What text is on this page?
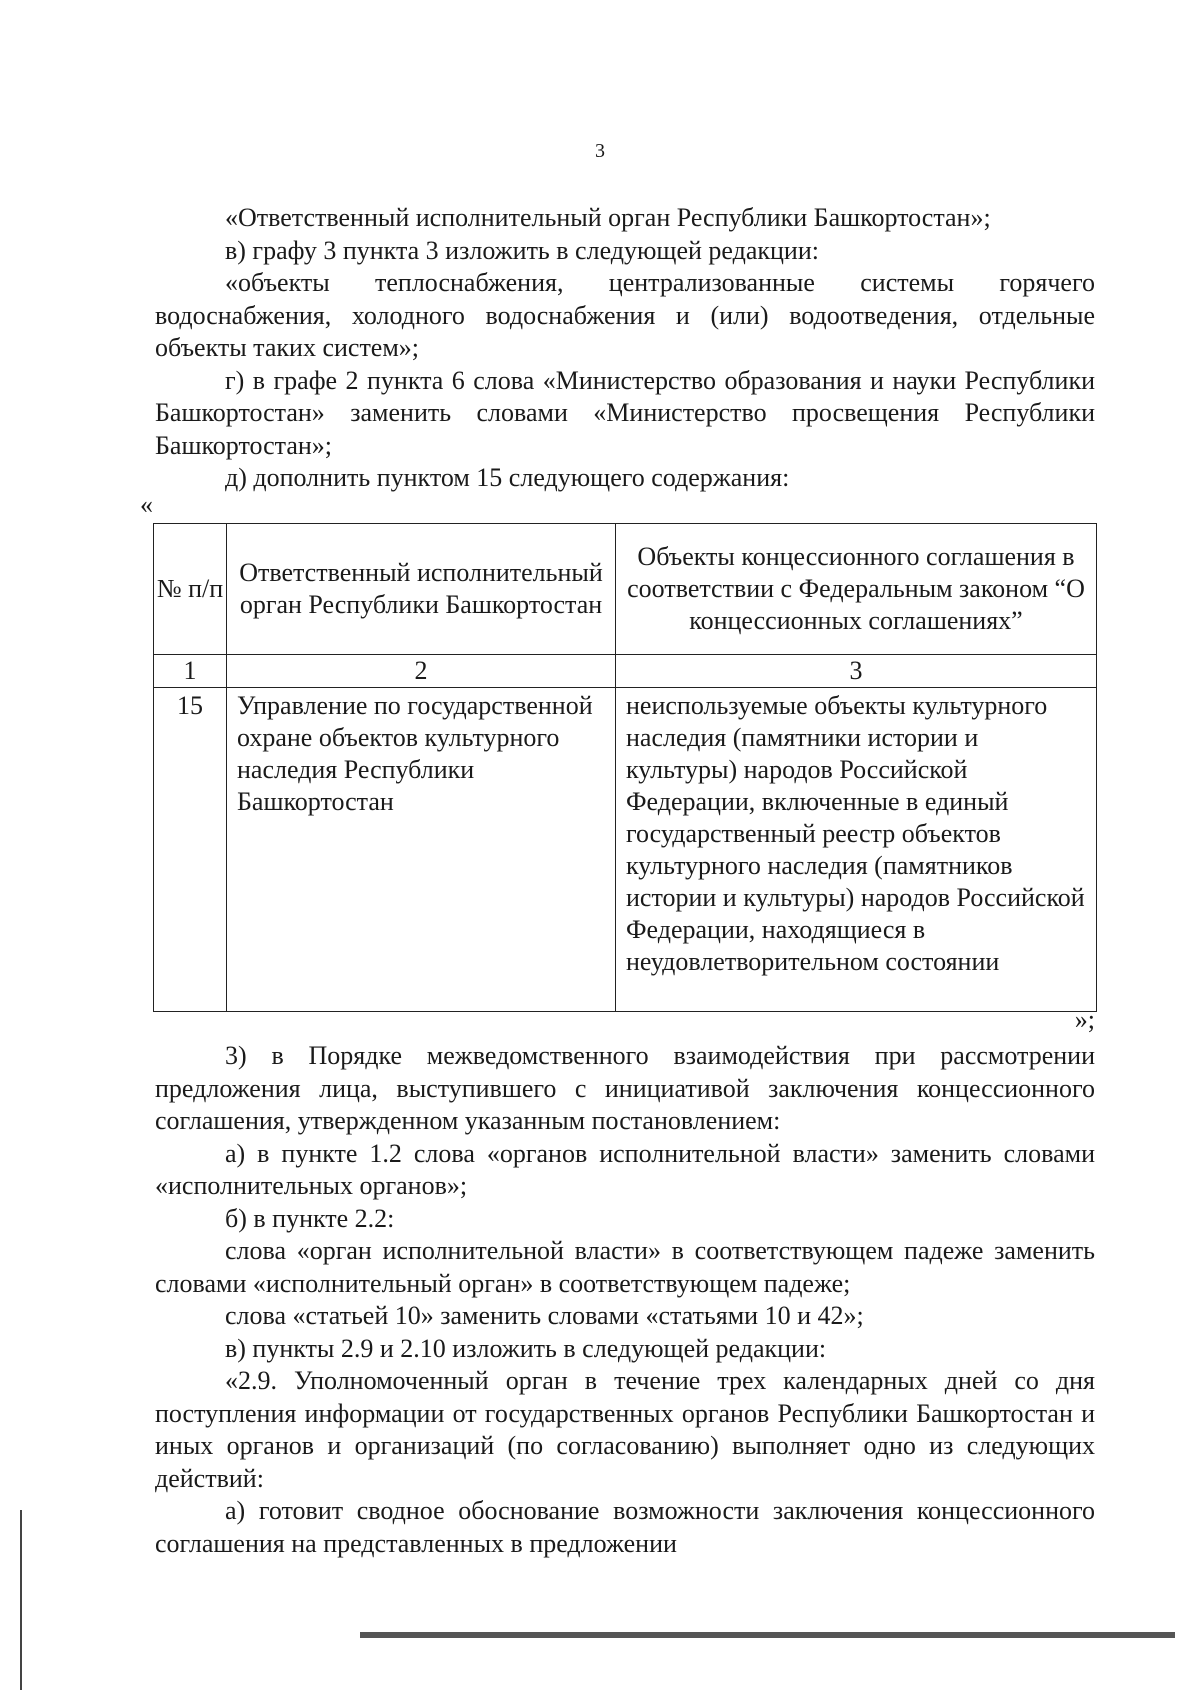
3

«Ответственный исполнительный орган Республики Башкортостан»;

в) графу 3 пункта 3 изложить в следующей редакции:

«объекты теплоснабжения, централизованные системы горячего водоснабжения, холодного водоснабжения и (или) водоотведения, отдельные объекты таких систем»;

г) в графе 2 пункта 6 слова «Министерство образования и науки Республики Башкортостан» заменить словами «Министерство просвещения Республики Башкортостан»;

д) дополнить пунктом 15 следующего содержания:

«
№ п/п	Ответственный исполнительный орган Республики Башкортостан	Объекты концессионного соглашения в соответствии с Федеральным законом “О концессионных соглашениях”
1	2	3
15	Управление по государственной охране объектов культурного наследия Республики Башкортостан	неиспользуемые объекты культурного наследия (памятники истории и культуры) народов Российской Федерации, включенные в единый государственный реестр объектов культурного наследия (памятников истории и культуры) народов Российской Федерации, находящиеся в неудовлетворительном состоянии
»;

3) в Порядке межведомственного взаимодействия при рассмотрении предложения лица, выступившего с инициативой заключения концессионного соглашения, утвержденном указанным постановлением:

а) в пункте 1.2 слова «органов исполнительной власти» заменить словами «исполнительных органов»;

б) в пункте 2.2:

слова «орган исполнительной власти» в соответствующем падеже заменить словами «исполнительный орган» в соответствующем падеже;

слова «статьей 10» заменить словами «статьями 10 и 42»;

в) пункты 2.9 и 2.10 изложить в следующей редакции:

«2.9. Уполномоченный орган в течение трех календарных дней со дня поступления информации от государственных органов Республики Башкортостан и иных органов и организаций (по согласованию) выполняет одно из следующих действий:

а) готовит сводное обоснование возможности заключения концессионного соглашения на представленных в предложении
